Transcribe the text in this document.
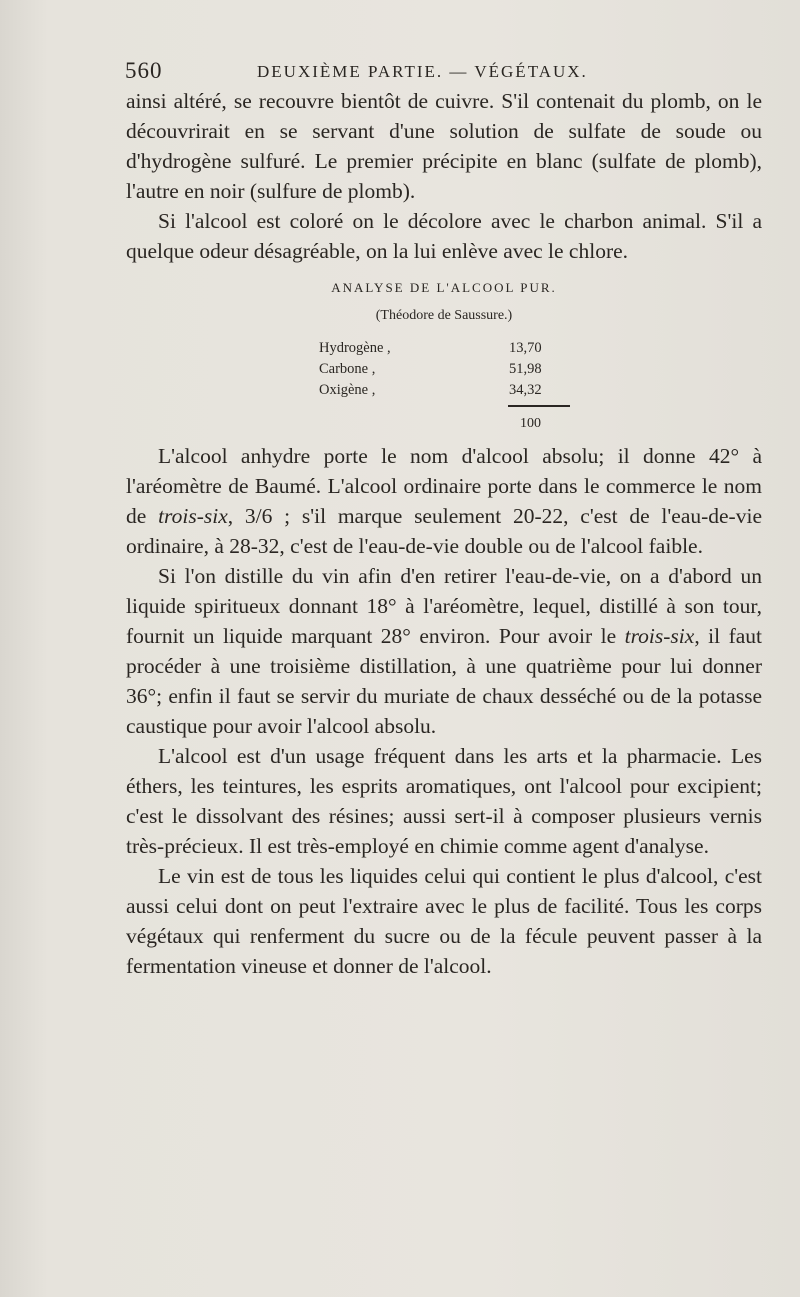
560	DEUXIÈME PARTIE. — VÉGÉTAUX.

ainsi altéré, se recouvre bientôt de cuivre. S'il contenait du plomb, on le découvrirait en se servant d'une solution de sulfate de soude ou d'hydrogène sulfuré. Le premier précipite en blanc (sulfate de plomb), l'autre en noir (sulfure de plomb).

Si l'alcool est coloré on le décolore avec le charbon animal. S'il a quelque odeur désagréable, on la lui enlève avec le chlore.

ANALYSE DE L'ALCOOL PUR.
(Théodore de Saussure.)
Hydrogène ,	13,70
Carbone ,	51,98
Oxigène ,	34,32
100

L'alcool anhydre porte le nom d'alcool absolu; il donne 42° à l'aréomètre de Baumé. L'alcool ordinaire porte dans le commerce le nom de trois-six, 3/6 ; s'il marque seulement 20-22, c'est de l'eau-de-vie ordinaire, à 28-32, c'est de l'eau-de-vie double ou de l'alcool faible.

Si l'on distille du vin afin d'en retirer l'eau-de-vie, on a d'abord un liquide spiritueux donnant 18° à l'aréomètre, lequel, distillé à son tour, fournit un liquide marquant 28° environ. Pour avoir le trois-six, il faut procéder à une troisième distillation, à une quatrième pour lui donner 36°; enfin il faut se servir du muriate de chaux desséché ou de la potasse caustique pour avoir l'alcool absolu.

L'alcool est d'un usage fréquent dans les arts et la pharmacie. Les éthers, les teintures, les esprits aromatiques, ont l'alcool pour excipient; c'est le dissolvant des résines; aussi sert-il à composer plusieurs vernis très-précieux. Il est très-employé en chimie comme agent d'analyse.

Le vin est de tous les liquides celui qui contient le plus d'alcool, c'est aussi celui dont on peut l'extraire avec le plus de facilité. Tous les corps végétaux qui renferment du sucre ou de la fécule peuvent passer à la fermentation vineuse et donner de l'alcool.
